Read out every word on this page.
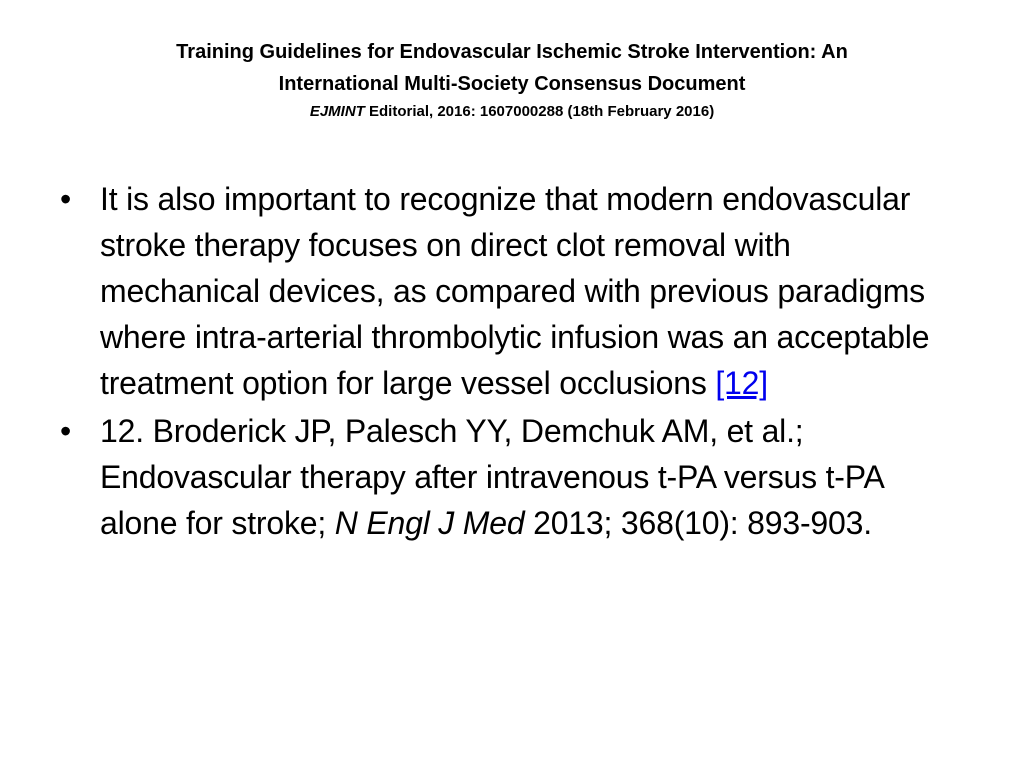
Training Guidelines for Endovascular Ischemic Stroke Intervention: An
International Multi-Society Consensus Document
EJMINT Editorial, 2016: 1607000288 (18th February 2016)
• It is also important to recognize that modern endovascular stroke therapy focuses on direct clot removal with mechanical devices, as compared with previous paradigms where intra-arterial thrombolytic infusion was an acceptable treatment option for large vessel occlusions [12]
• 12. Broderick JP, Palesch YY, Demchuk AM, et al.; Endovascular therapy after intravenous t-PA versus t-PA alone for stroke; N Engl J Med 2013; 368(10): 893-903.
